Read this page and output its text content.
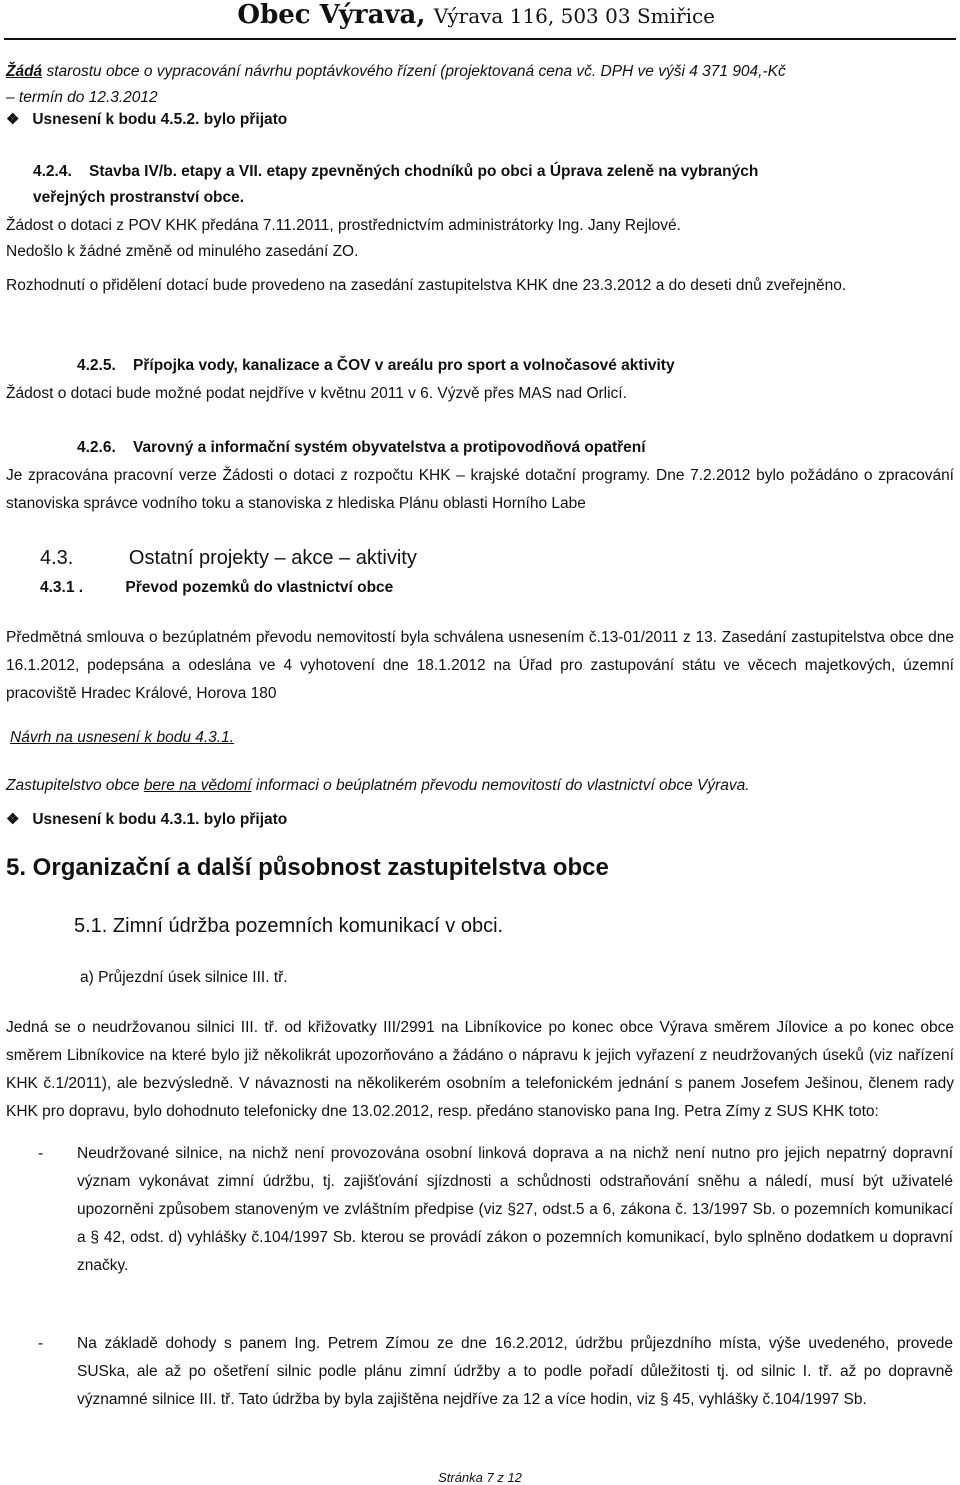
Obec Výrava, Výrava 116, 503 03 Smiřice
Žádá starostu obce o vypracování návrhu poptávkového řízení (projektovaná cena vč. DPH ve výši 4 371 904,-Kč
– termín do 12.3.2012
❖ Usnesení k bodu 4.5.2. bylo přijato
4.2.4. Stavba IV/b. etapy a VII. etapy zpevněných chodníků po obci a Úprava zeleně na vybraných
veřejných prostranství obce.
Žádost o dotaci z POV KHK předána 7.11.2011, prostřednictvím administrátorky Ing. Jany Rejlové.
Nedošlo k žádné změně od minulého zasedání ZO.
Rozhodnutí o přidělení dotací bude provedeno na zasedání zastupitelstva KHK dne 23.3.2012 a do deseti dnů zveřejněno.
4.2.5. Přípojka vody, kanalizace a ČOV v areálu pro sport a volnočasové aktivity
Žádost o dotaci bude možné podat nejdříve v květnu 2011 v 6. Výzvě přes MAS nad Orlicí.
4.2.6. Varovný a informační systém obyvatelstva a protipovodňová opatření
Je zpracována pracovní verze Žádosti o dotaci z rozpočtu KHK – krajské dotační programy. Dne 7.2.2012 bylo požádáno o zpracování stanoviska správce vodního toku a stanoviska z hlediska Plánu oblasti Horního Labe
4.3.	Ostatní projekty – akce – aktivity
4.3.1 .	Převod pozemků do vlastnictví obce
Předmětná smlouva o bezúplatném převodu nemovitostí byla schválena usnesením č.13-01/2011 z 13. Zasedání zastupitelstva obce dne 16.1.2012, podepsána a odeslána ve 4 vyhotovení dne 18.1.2012 na Úřad pro zastupování státu ve věcech majetkových, územní pracoviště Hradec Králové, Horova 180
Návrh na usnesení k bodu 4.3.1.
Zastupitelstvo obce bere na vědomí informaci o beúplatném převodu nemovitostí do vlastnictví obce Výrava.
❖ Usnesení k bodu 4.3.1. bylo přijato
5. Organizační a další působnost zastupitelstva obce
5.1. Zimní údržba pozemních komunikací v obci.
a) Průjezdní úsek silnice III. tř.
Jedná se o neudržovanou silnici III. tř. od křižovatky III/2991 na Libníkovice po konec obce Výrava směrem Jílovice a po konec obce směrem Libníkovice na které bylo již několikrát upozorňováno a žádáno o nápravu k jejich vyřazení z neudržovaných úseků (viz nařízení KHK č.1/2011), ale bezvýsledně. V návaznosti na několikerém osobním a telefonickém jednání s panem Josefem Ješinou, členem rady KHK pro dopravu, bylo dohodnuto telefonicky dne 13.02.2012, resp. předáno stanovisko pana Ing. Petra Zímy z SUS KHK toto:
- Neudržované silnice, na nichž není provozována osobní linková doprava a na nichž není nutno pro jejich nepatrný dopravní význam vykonávat zimní údržbu, tj. zajišťování sjízdnosti a schůdnosti odstraňování sněhu a náledí, musí být uživatelé upozorněni způsobem stanoveným ve zvláštním předpise (viz §27, odst.5 a 6, zákona č. 13/1997 Sb. o pozemních komunikací a § 42, odst. d) vyhlášky č.104/1997 Sb. kterou se provádí zákon o pozemních komunikací, bylo splněno dodatkem u dopravní značky.
- Na základě dohody s panem Ing. Petrem Zímou ze dne 16.2.2012, údržbu průjezdního místa, výše uvedeného, provede SUSka, ale až po ošetření silnic podle plánu zimní údržby a to podle pořadí důležitosti tj. od silnic I. tř. až po dopravně významné silnice III. tř. Tato údržba by byla zajištěna nejdříve za 12 a více hodin, viz § 45, vyhlášky č.104/1997 Sb.
Stránka 7 z 12
